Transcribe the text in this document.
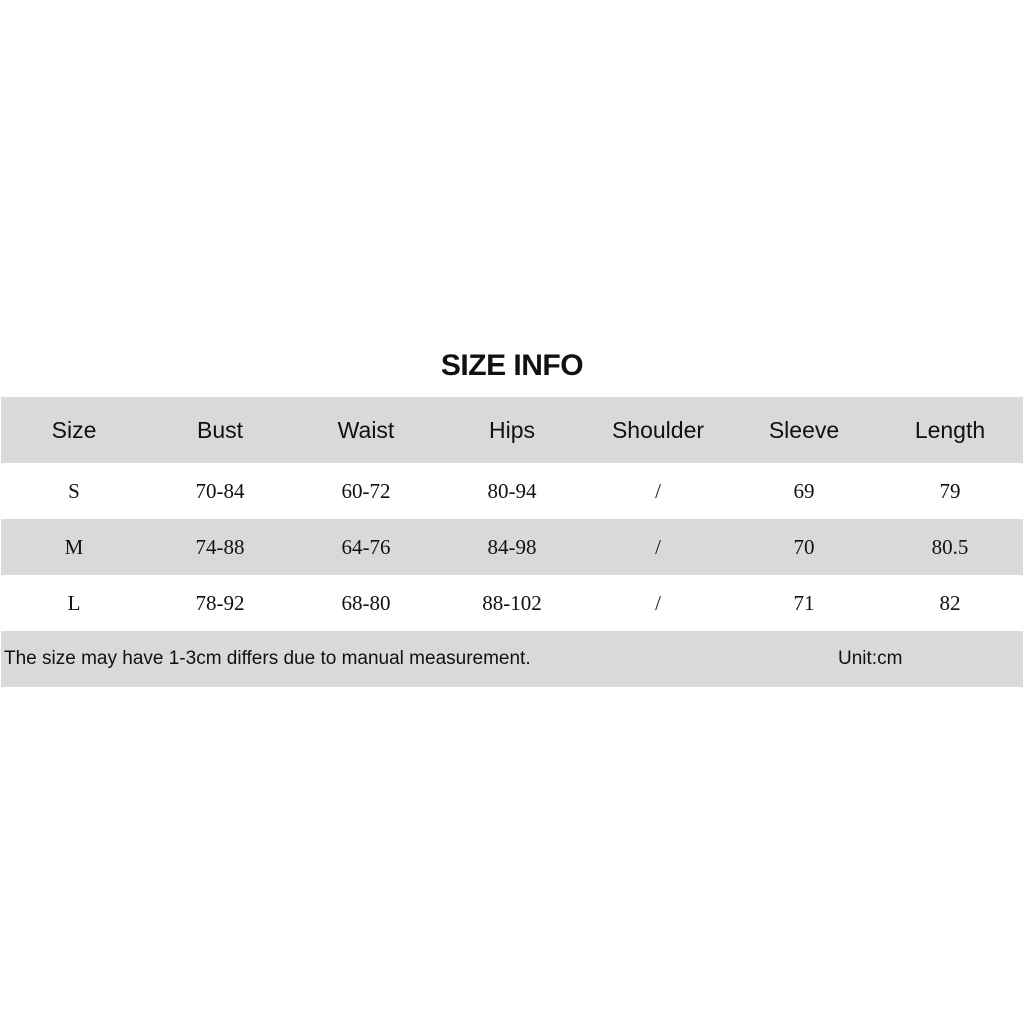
SIZE INFO
Size	Bust	Waist	Hips	Shoulder	Sleeve	Length
S	70-84	60-72	80-94	/	69	79
M	74-88	64-76	84-98	/	70	80.5
L	78-92	68-80	88-102	/	71	82
The size may have 1-3cm differs due to manual measurement.	Unit:cm
